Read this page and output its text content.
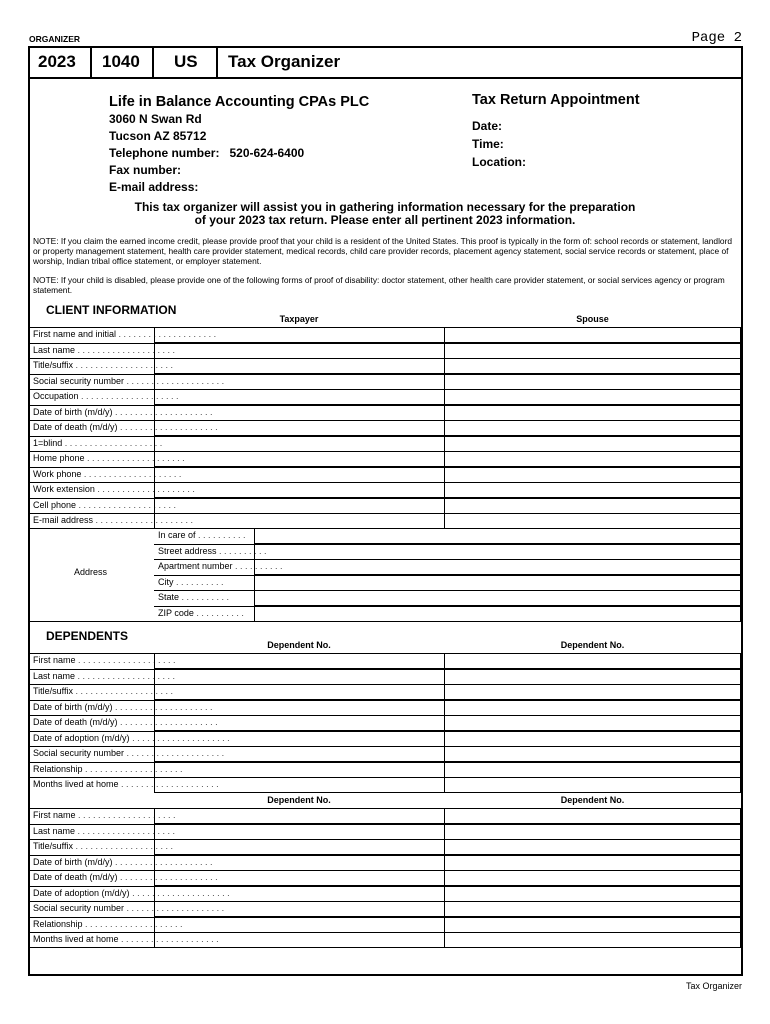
ORGANIZER	Page 2
2023 1040 US Tax Organizer
Life in Balance Accounting CPAs PLC
3060 N Swan Rd
Tucson AZ 85712
Telephone number: 520-624-6400
Fax number:
E-mail address:
Tax Return Appointment
Date:
Time:
Location:
This tax organizer will assist you in gathering information necessary for the preparation
of your 2023 tax return. Please enter all pertinent 2023 information.
NOTE: If you claim the earned income credit, please provide proof that your child is a resident of the United States. This proof is typically in the form of: school records or statement, landlord or property management statement, health care provider statement, medical records, child care provider records, placement agency statement, social service records or statement, place of worship, Indian tribal office statement, or employer statement.
NOTE: If your child is disabled, please provide one of the following forms of proof of disability: doctor statement, other health care provider statement, or social services agency or program statement.
CLIENT INFORMATION
Taxpayer	Spouse
First name and initial . . . . . . . . . . . . . . . . . . . .
Last name . . . . . . . . . . . . . . . . . . . .
Title/suffix . . . . . . . . . . . . . . . . . . . .
Social security number . . . . . . . . . . . . . . . . . . . .
Occupation . . . . . . . . . . . . . . . . . . . .
Date of birth (m/d/y) . . . . . . . . . . . . . . . . . . . .
Date of death (m/d/y) . . . . . . . . . . . . . . . . . . . .
1=blind . . . . . . . . . . . . . . . . . . . .
Home phone . . . . . . . . . . . . . . . . . . . .
Work phone . . . . . . . . . . . . . . . . . . . .
Work extension . . . . . . . . . . . . . . . . . . . .
Cell phone . . . . . . . . . . . . . . . . . . . .
E-mail address . . . . . . . . . . . . . . . . . . . .
Address
In care of . . . . . . . . . .
Street address . . . . . . . . . .
Apartment number . . . . . . . . . .
City . . . . . . . . . .
State . . . . . . . . . .
ZIP code . . . . . . . . . .
DEPENDENTS
Dependent No.	Dependent No.
First name . . . . . . . . . . . . . . . . . . . .
Last name . . . . . . . . . . . . . . . . . . . .
Title/suffix . . . . . . . . . . . . . . . . . . . .
Date of birth (m/d/y) . . . . . . . . . . . . . . . . . . . .
Date of death (m/d/y) . . . . . . . . . . . . . . . . . . . .
Date of adoption (m/d/y) . . . . . . . . . . . . . . . . . . . .
Social security number . . . . . . . . . . . . . . . . . . . .
Relationship . . . . . . . . . . . . . . . . . . . .
Months lived at home . . . . . . . . . . . . . . . . . . . .
Dependent No.	Dependent No.
First name . . . . . . . . . . . . . . . . . . . .
Last name . . . . . . . . . . . . . . . . . . . .
Title/suffix . . . . . . . . . . . . . . . . . . . .
Date of birth (m/d/y) . . . . . . . . . . . . . . . . . . . .
Date of death (m/d/y) . . . . . . . . . . . . . . . . . . . .
Date of adoption (m/d/y) . . . . . . . . . . . . . . . . . . . .
Social security number . . . . . . . . . . . . . . . . . . . .
Relationship . . . . . . . . . . . . . . . . . . . .
Months lived at home . . . . . . . . . . . . . . . . . . . .
Tax Organizer
